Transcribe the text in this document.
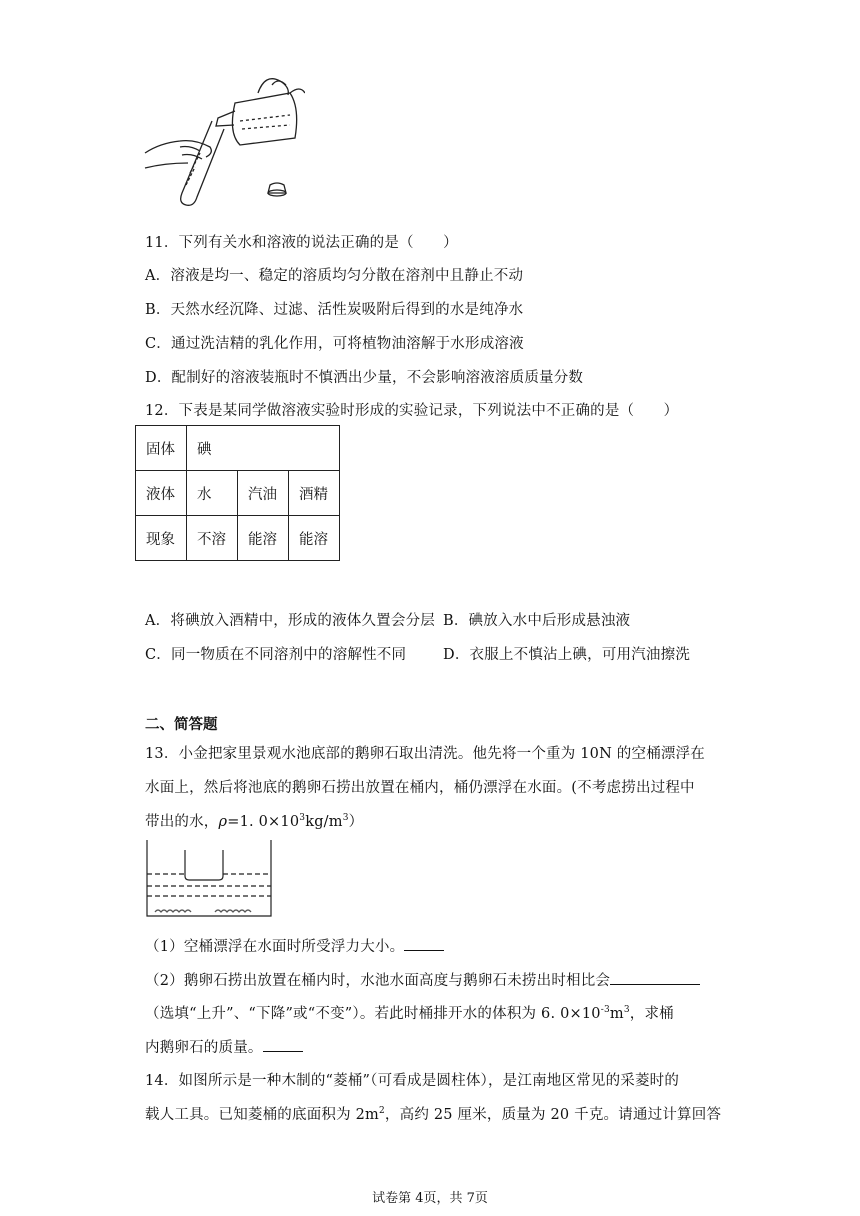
11．下列有关水和溶液的说法正确的是（　　）
A．溶液是均一、稳定的溶质均匀分散在溶剂中且静止不动
B．天然水经沉降、过滤、活性炭吸附后得到的水是纯净水
C．通过洗洁精的乳化作用，可将植物油溶解于水形成溶液
D．配制好的溶液装瓶时不慎洒出少量，不会影响溶液溶质质量分数
12．下表是某同学做溶液实验时形成的实验记录，下列说法中不正确的是（　　）
固体	碘		
液体	水	汽油	酒精
现象	不溶	能溶	能溶
A．将碘放入酒精中，形成的液体久置会分层 B．碘放入水中后形成悬浊液
C．同一物质在不同溶剂中的溶解性不同	D．衣服上不慎沾上碘，可用汽油擦洗
二、简答题
13．小金把家里景观水池底部的鹅卵石取出清洗。他先将一个重为 10N 的空桶漂浮在
水面上，然后将池底的鹅卵石捞出放置在桶内，桶仍漂浮在水面。(不考虑捞出过程中
带出的水，ρ=1. $0\times 10^3kg/m^3$）
（1）空桶漂浮在水面时所受浮力大小。
（2）鹅卵石捞出放置在桶内时，水池水面高度与鹅卵石未捞出时相比会
（选填“上升”、“下降”或“不变”）。若此时桶排开水的体积为 6. $0\times 10^{-3}m^3$，求桶
内鹅卵石的质量。
14．如图所示是一种木制的“菱桶”（可看成是圆柱体），是江南地区常见的采菱时的
载人工具。已知菱桶的底面积为 $2m^2$，高约 25 厘米，质量为 20 千克。请通过计算回答
试卷第 4页，共 7页
